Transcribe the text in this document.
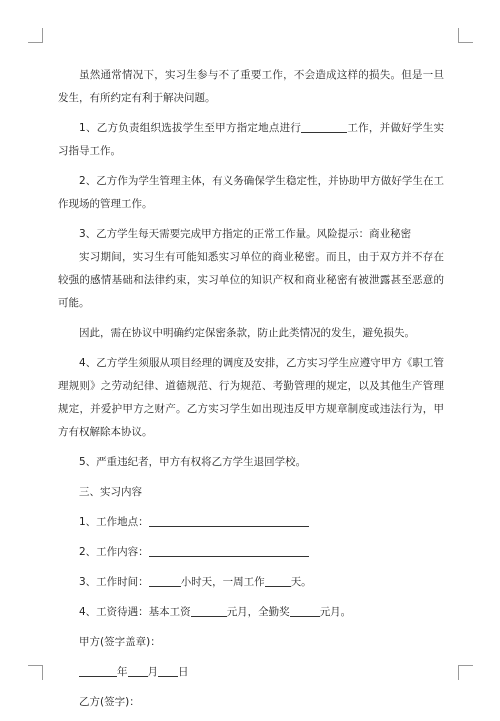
虽然通常情况下，实习生参与不了重要工作，不会造成这样的损失。但是一旦发生，有所约定有利于解决问题。

1、乙方负责组织选拔学生至甲方指定地点进行	工作，并做好学生实习指导工作。

2、乙方作为学生管理主体，有义务确保学生稳定性，并协助甲方做好学生在工作现场的管理工作。

3、乙方学生每天需要完成甲方指定的正常工作量。风险提示：商业秘密

实习期间，实习生有可能知悉实习单位的商业秘密。而且，由于双方并不存在较强的感情基础和法律约束，实习单位的知识产权和商业秘密有被泄露甚至恶意的可能。

因此，需在协议中明确约定保密条款，防止此类情况的发生，避免损失。

4、乙方学生须服从项目经理的调度及安排，乙方实习学生应遵守甲方《职工管理规则》之劳动纪律、道德规范、行为规范、考勤管理的规定，以及其他生产管理规定，并爱护甲方之财产。乙方实习学生如出现违反甲方规章制度或违法行为，甲方有权解除本协议。

5、严重违纪者，甲方有权将乙方学生退回学校。

三、实习内容

1、工作地点：

2、工作内容：

3、工作时间：	小时天，一周工作 天。

4、工资待遇：基本工资	元月，全勤奖	元月。

甲方(签字盖章)：

年 月 日

乙方(签字)：
